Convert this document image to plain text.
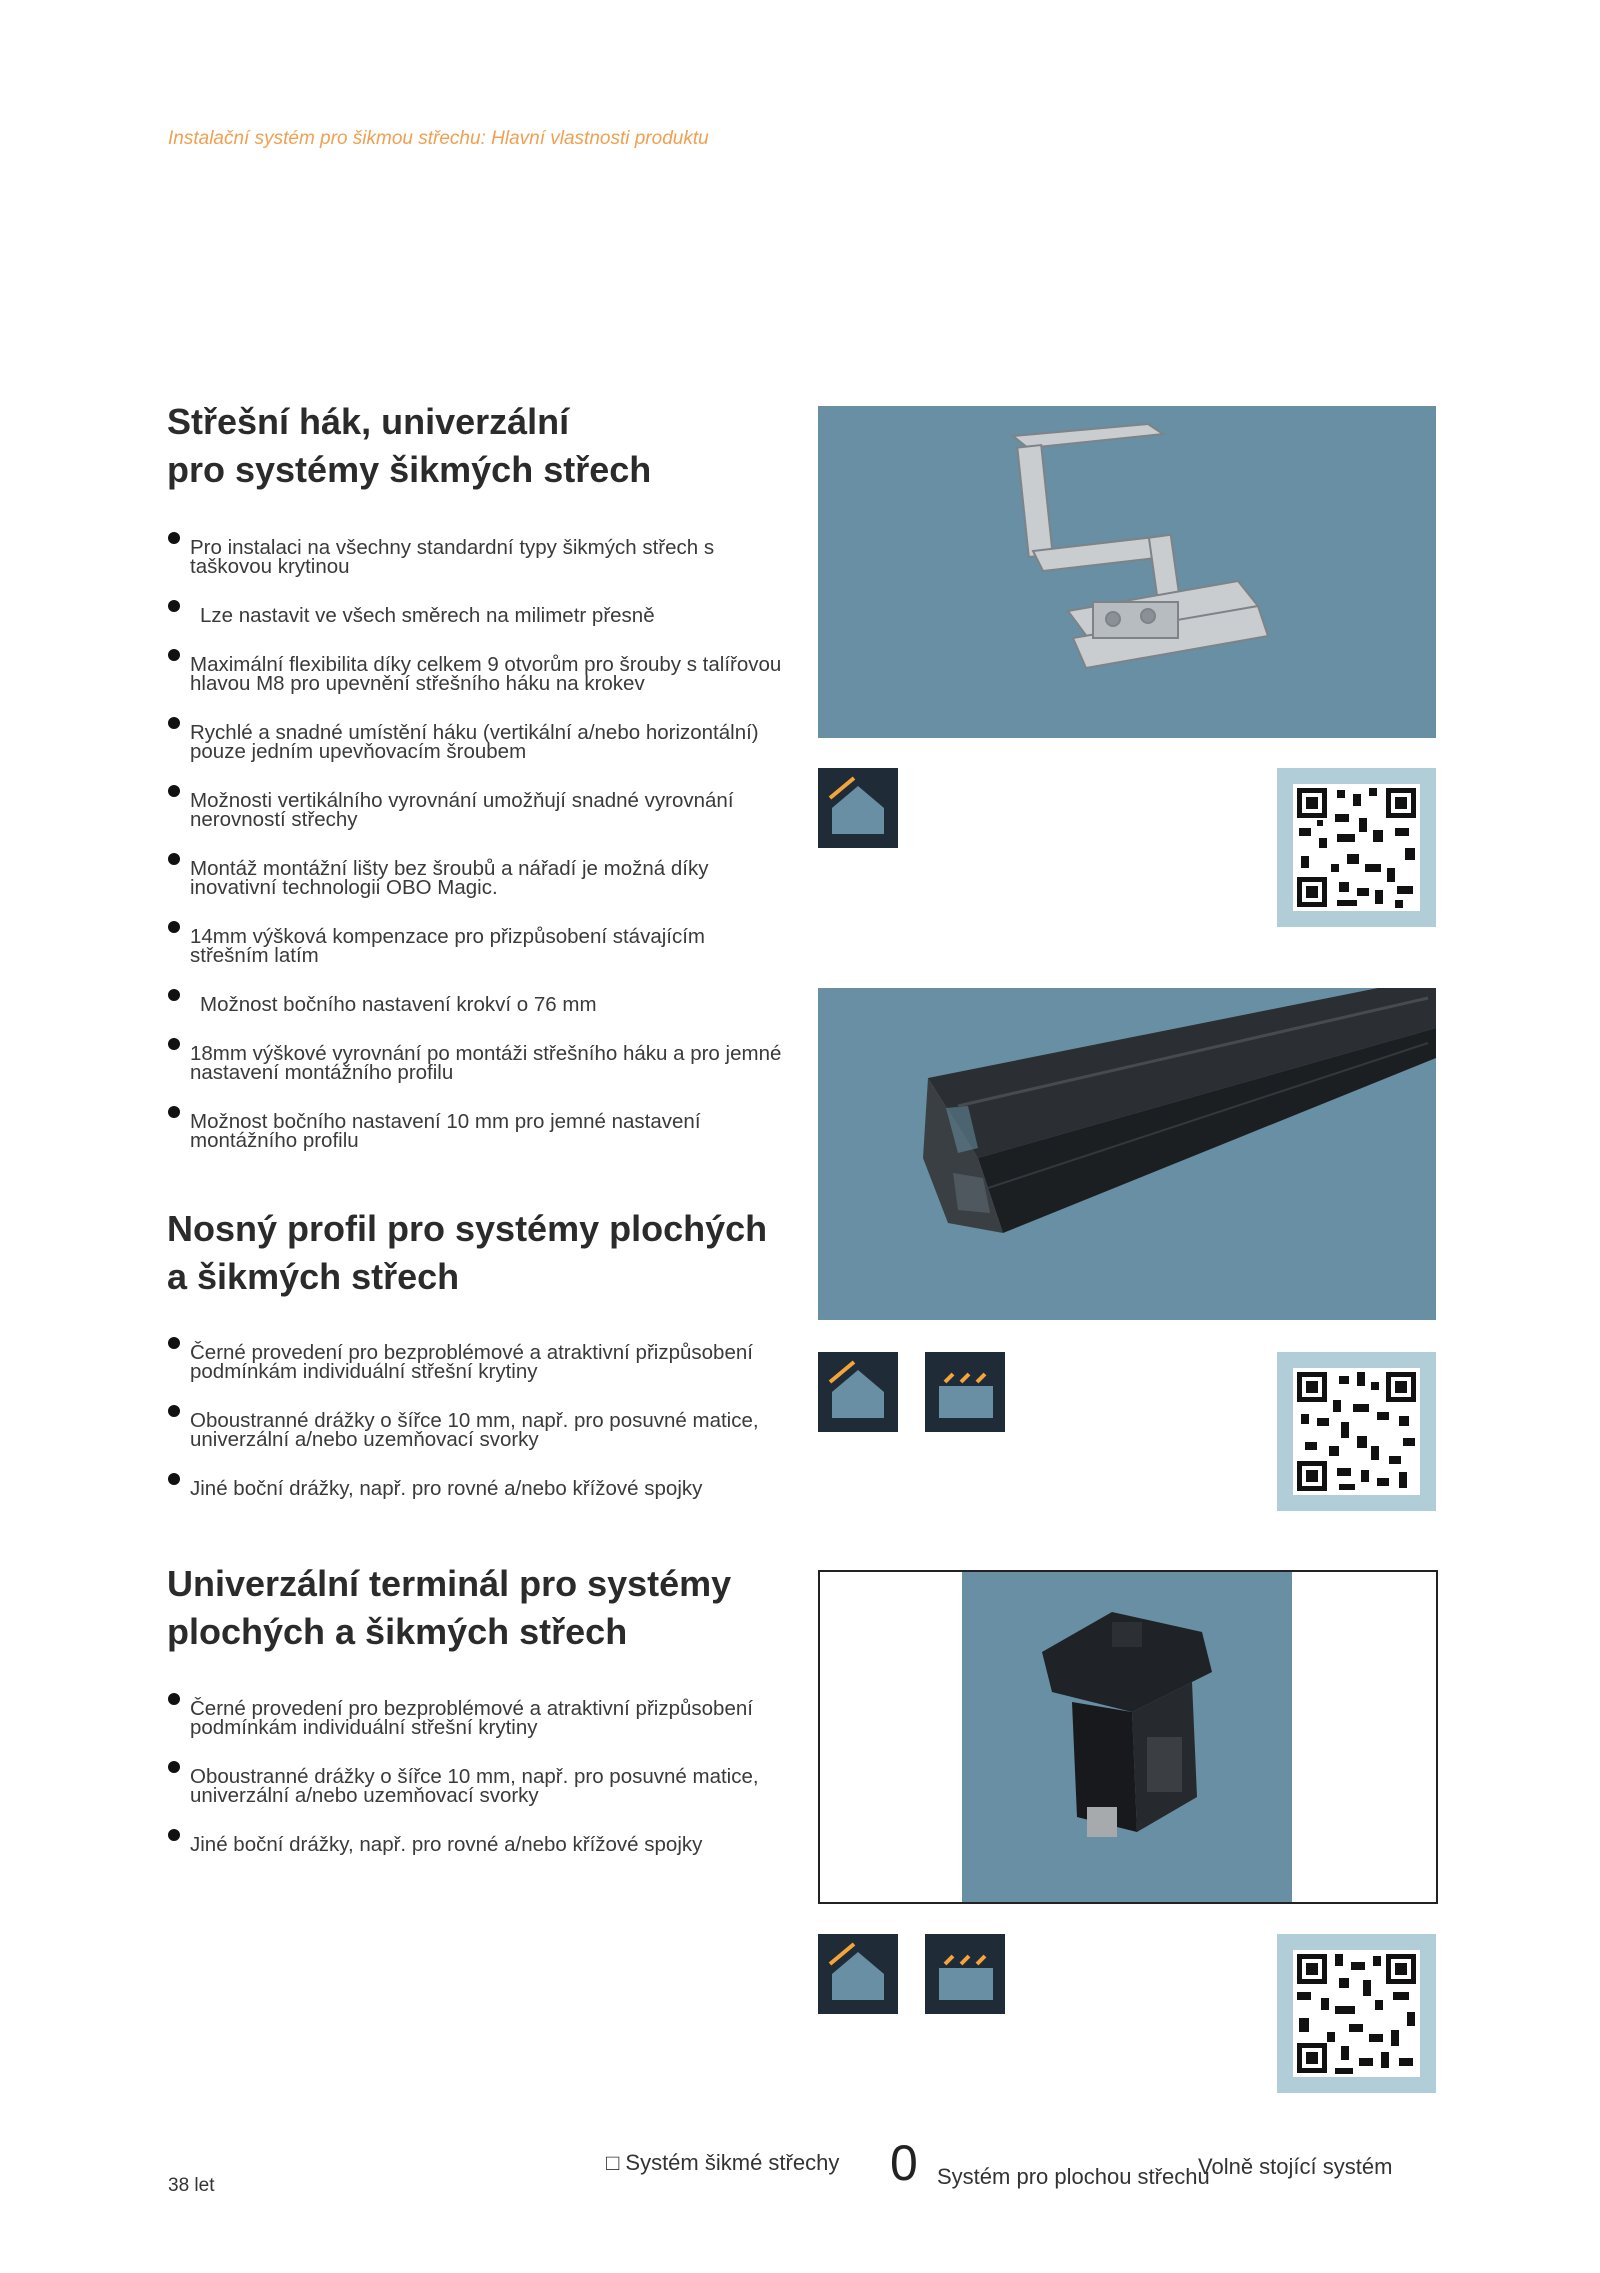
Instalační systém pro šikmou střechu: Hlavní vlastnosti produktu
Střešní hák, univerzální
pro systémy šikmých střech
Pro instalaci na všechny standardní typy šikmých střech s taškovou krytinou
Lze nastavit ve všech směrech na milimetr přesně
Maximální flexibilita díky celkem 9 otvorům pro šrouby s talířovou hlavou M8 pro upevnění střešního háku na krokev
Rychlé a snadné umístění háku (vertikální a/nebo horizontální) pouze jedním upevňovacím šroubem
Možnosti vertikálního vyrovnání umožňují snadné vyrovnání nerovností střechy
Montáž montážní lišty bez šroubů a nářadí je možná díky inovativní technologii OBO Magic.
14mm výšková kompenzace pro přizpůsobení stávajícím střešním latím
Možnost bočního nastavení krokví o 76 mm
18mm výškové vyrovnání po montáži střešního háku a pro jemné nastavení montážního profilu
Možnost bočního nastavení 10 mm pro jemné nastavení montážního profilu
Nosný profil pro systémy plochých
a šikmých střech
Černé provedení pro bezproblémové a atraktivní přizpůsobení podmínkám individuální střešní krytiny
Oboustranné drážky o šířce 10 mm, např. pro posuvné matice, univerzální a/nebo uzemňovací svorky
Jiné boční drážky, např. pro rovné a/nebo křížové spojky
Univerzální terminál pro systémy
plochých a šikmých střech
Černé provedení pro bezproblémové a atraktivní přizpůsobení podmínkám individuální střešní krytiny
Oboustranné drážky o šířce 10 mm, např. pro posuvné matice, univerzální a/nebo uzemňovací svorky
Jiné boční drážky, např. pro rovné a/nebo křížové spojky
38 let
□ Systém šikmé střechy 0 Systém pro plochou střechu
Volně stojící systém
